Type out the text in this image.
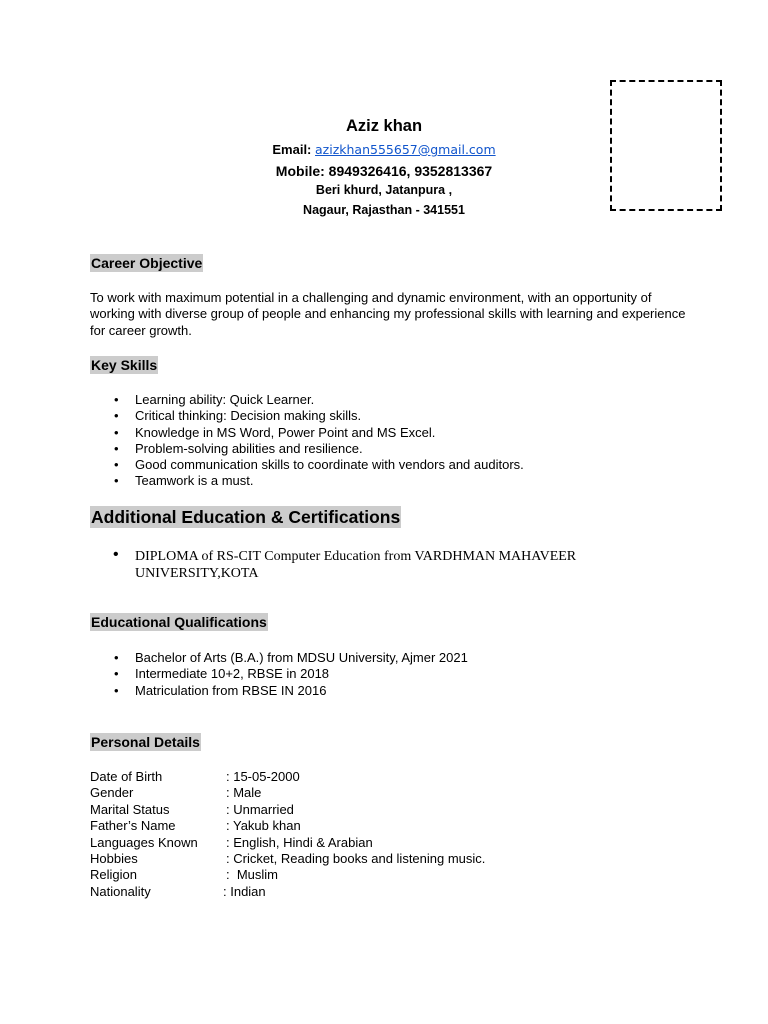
Aziz khan
Email: azizkhan555657@gmail.com
Mobile: 8949326416, 9352813367
Beri khurd, Jatanpura ,
Nagaur, Rajasthan - 341551
Career Objective
To work with maximum potential in a challenging and dynamic environment, with an opportunity of working with diverse group of people and enhancing my professional skills with learning and experience for career growth.
Key Skills
• Learning ability: Quick Learner.
• Critical thinking: Decision making skills.
• Knowledge in MS Word, Power Point and MS Excel.
• Problem-solving abilities and resilience.
• Good communication skills to coordinate with vendors and auditors.
• Teamwork is a must.
Additional Education & Certifications
• DIPLOMA of RS-CIT Computer Education from VARDHMAN MAHAVEER UNIVERSITY,KOTA
Educational Qualifications
• Bachelor of Arts (B.A.) from MDSU University, Ajmer 2021
• Intermediate 10+2, RBSE in 2018
• Matriculation from RBSE IN 2016
Personal Details
Date of Birth	: 15-05-2000
Gender	: Male
Marital Status	: Unmarried
Father’s Name	: Yakub khan
Languages Known	: English, Hindi & Arabian
Hobbies	: Cricket, Reading books and listening music.
Religion	:  Muslim
Nationality	: Indian
